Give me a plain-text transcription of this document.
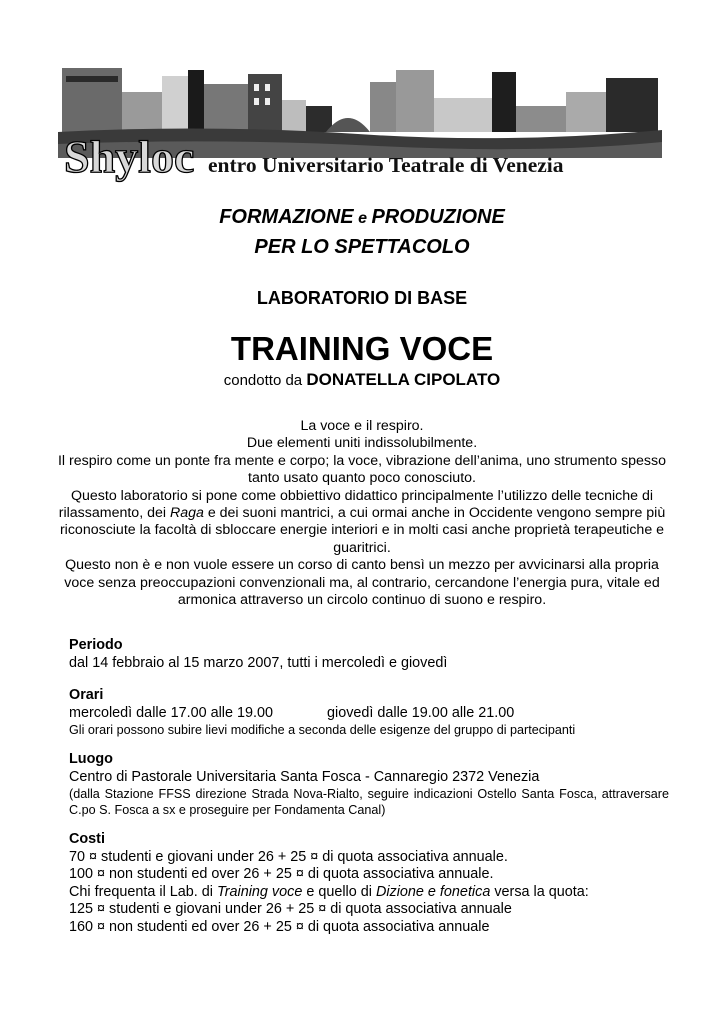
Shyloc entro Universitario Teatrale di Venezia
FORMAZIONE e PRODUZIONE
PER LO SPETTACOLO
LABORATORIO DI BASE
TRAINING VOCE
condotto da DONATELLA CIPOLATO

La voce e il respiro.

Due elementi uniti indissolubilmente.

Il respiro come un ponte fra mente e corpo; la voce, vibrazione dell’anima, uno strumento spesso tanto usato quanto poco conosciuto.

Questo laboratorio si pone come obbiettivo didattico principalmente l’utilizzo delle tecniche di rilassamento, dei Raga e dei suoni mantrici, a cui ormai anche in Occidente vengono sempre più riconosciute la facoltà di sbloccare energie interiori e in molti casi anche proprietà terapeutiche e guaritrici.

Questo non è e non vuole essere un corso di canto bensì un mezzo per avvicinarsi alla propria voce senza preoccupazioni convenzionali ma, al contrario, cercandone l’energia pura, vitale ed armonica attraverso un circolo continuo di suono e respiro.

Periodo
dal 14 febbraio al 15 marzo 2007, tutti i mercoledì e giovedì
Orari
mercoledì dalle 17.00 alle 19.00	giovedì dalle 19.00 alle 21.00
Gli orari possono subire lievi modifiche a seconda delle esigenze del gruppo di partecipanti
Luogo
Centro di Pastorale Universitaria Santa Fosca - Cannaregio 2372 Venezia
(dalla Stazione FFSS direzione Strada Nova-Rialto, seguire indicazioni Ostello Santa Fosca, attraversare C.po S. Fosca a sx e proseguire per Fondamenta Canal)
Costi
70 ¤ studenti e giovani under 26 + 25 ¤ di quota associativa annuale.
100 ¤ non studenti ed over 26 + 25 ¤ di quota associativa annuale.
Chi frequenta il Lab. di Training voce e quello di Dizione e fonetica versa la quota:
125 ¤ studenti e giovani under 26 + 25 ¤ di quota associativa annuale
160 ¤ non studenti ed over 26 + 25 ¤ di quota associativa annuale
